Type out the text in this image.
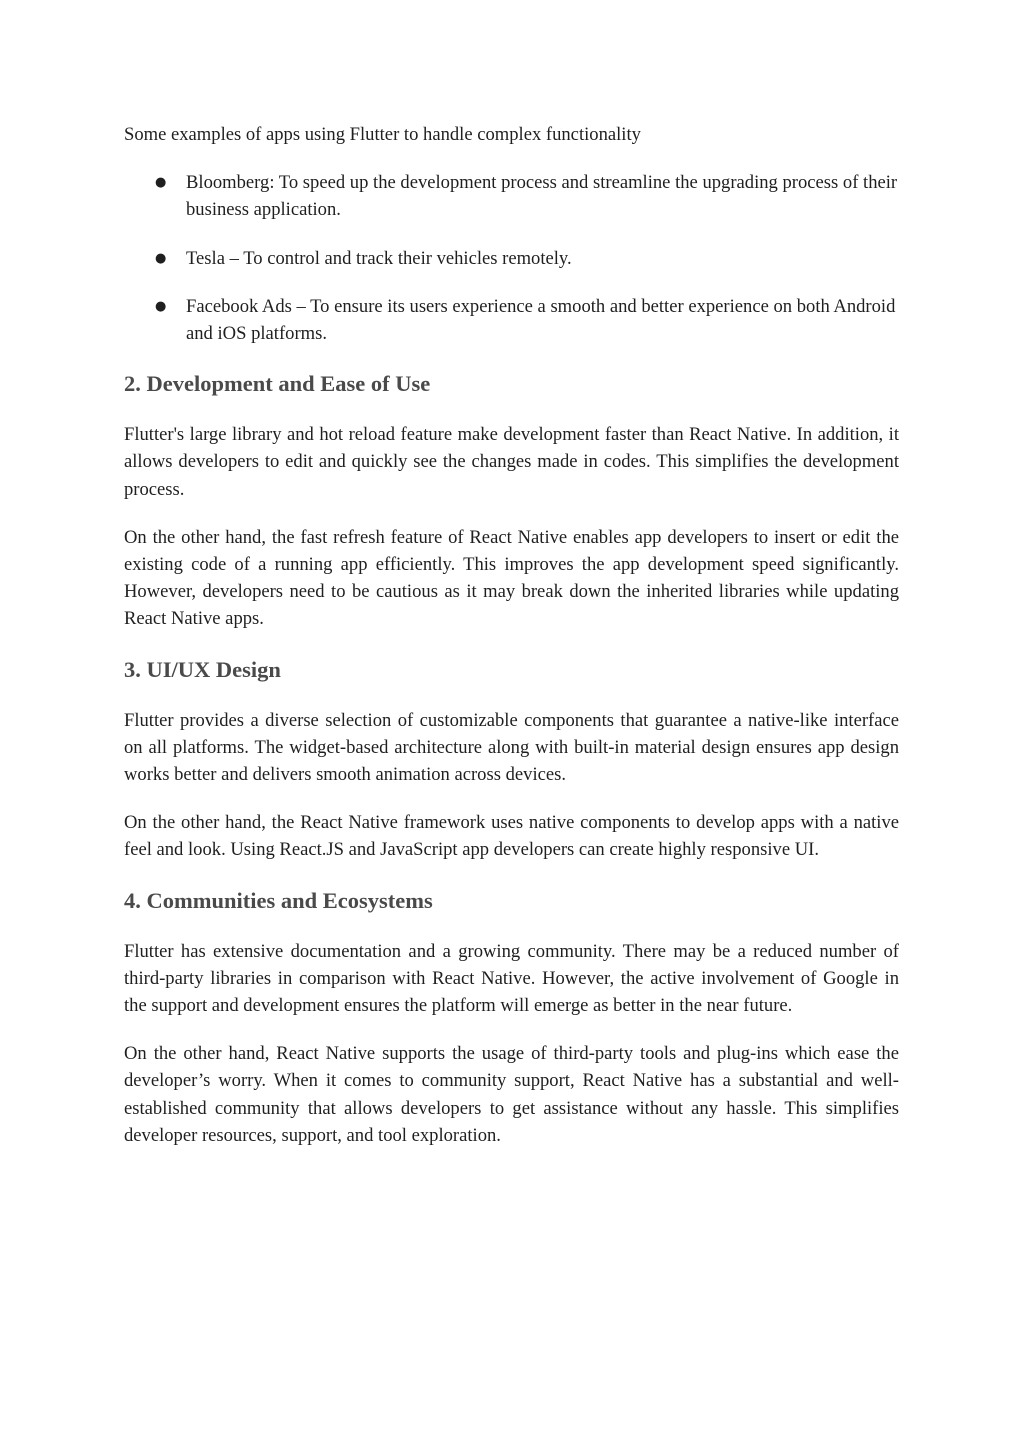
Some examples of apps using Flutter to handle complex functionality

● Bloomberg: To speed up the development process and streamline the upgrading process of their business application.
● Tesla – To control and track their vehicles remotely.
● Facebook Ads – To ensure its users experience a smooth and better experience on both Android and iOS platforms.
2. Development and Ease of Use

Flutter's large library and hot reload feature make development faster than React Native. In addition, it allows developers to edit and quickly see the changes made in codes. This simplifies the development process.

On the other hand, the fast refresh feature of React Native enables app developers to insert or edit the existing code of a running app efficiently. This improves the app development speed significantly. However, developers need to be cautious as it may break down the inherited libraries while updating React Native apps.

3. UI/UX Design

Flutter provides a diverse selection of customizable components that guarantee a native-like interface on all platforms. The widget-based architecture along with built-in material design ensures app design works better and delivers smooth animation across devices.

On the other hand, the React Native framework uses native components to develop apps with a native feel and look. Using React.JS and JavaScript app developers can create highly responsive UI.

4. Communities and Ecosystems

Flutter has extensive documentation and a growing community. There may be a reduced number of third-party libraries in comparison with React Native. However, the active involvement of Google in the support and development ensures the platform will emerge as better in the near future.

On the other hand, React Native supports the usage of third-party tools and plug-ins which ease the developer’s worry. When it comes to community support, React Native has a substantial and well-established community that allows developers to get assistance without any hassle. This simplifies developer resources, support, and tool exploration.
